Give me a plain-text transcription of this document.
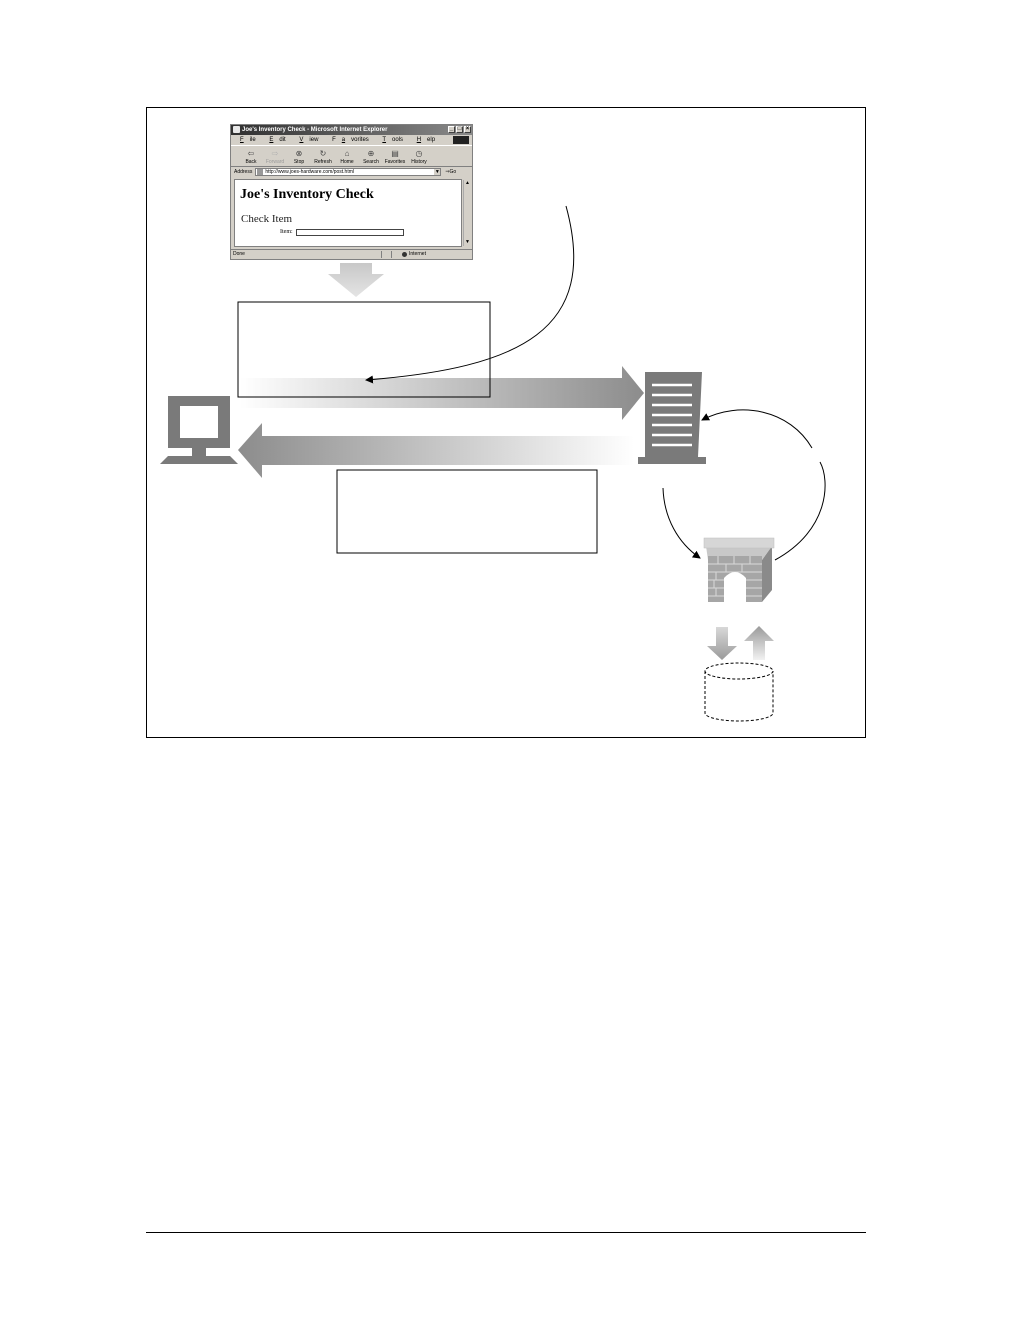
Joe's Inventory Check - Microsoft Internet Explorer	_ □ ×
F ile E dit V iew F a vorites T ools H elp
⇦
Back
⇨
Forward
⊗
Stop
↻
Refresh
⌂
Home
⊕
Search
▤
Favorites
◷
History
Address	http://www.joes-hardware.com/post.html	▼ ⇒Go
Joe's Inventory Check
Check Item
Item:
▲
▼
Done	Internet
